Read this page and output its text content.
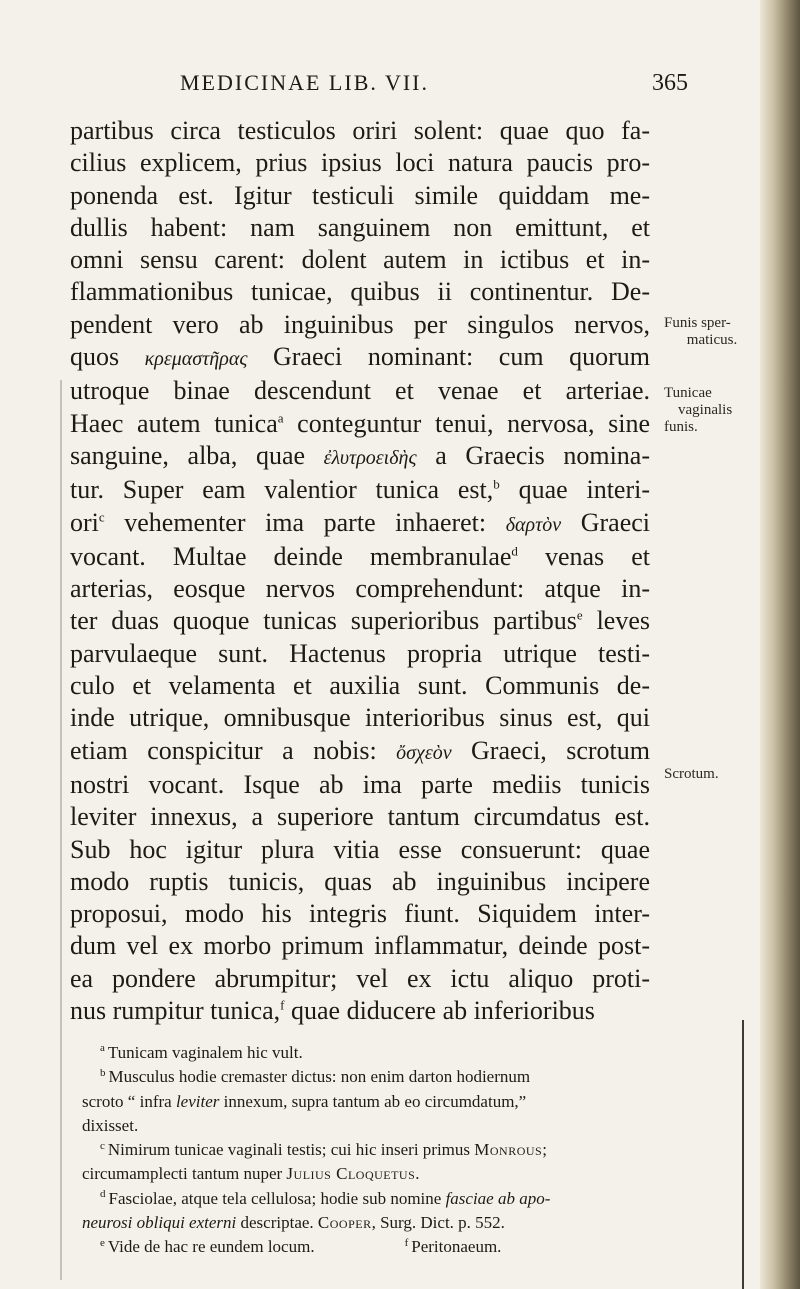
MEDICINAE LIB. VII.	365
partibus circa testiculos oriri solent: quae quo fa-
cilius explicem, prius ipsius loci natura paucis pro-
ponenda est. Igitur testiculi simile quiddam me-
dullis habent: nam sanguinem non emittunt, et
omni sensu carent: dolent autem in ictibus et in-
flammationibus tunicae, quibus ii continentur. De-
pendent vero ab inguinibus per singulos nervos,
quos κρεμαστῆρας Graeci nominant: cum quorum
utroque binae descendunt et venae et arteriae.
Haec autem tunica$^a$ conteguntur tenui, nervosa, sine
sanguine, alba, quae ἐλυτροειδὴς a Graecis nomina-
tur. Super eam valentior tunica est,$^b$ quae interi-
ori$^c$ vehementer ima parte inhaeret: δαρτὸν Graeci
vocant. Multae deinde membranulae$^d$ venas et
arterias, eosque nervos comprehendunt: atque in-
ter duas quoque tunicas superioribus partibus$^e$ leves
parvulaeque sunt. Hactenus propria utrique testi-
culo et velamenta et auxilia sunt. Communis de-
inde utrique, omnibusque interioribus sinus est, qui
etiam conspicitur a nobis: ὄσχεὸν Graeci, scrotum
nostri vocant. Isque ab ima parte mediis tunicis
leviter innexus, a superiore tantum circumdatus est.
Sub hoc igitur plura vitia esse consuerunt: quae
modo ruptis tunicis, quas ab inguinibus incipere
proposui, modo his integris fiunt. Siquidem inter-
dum vel ex morbo primum inflammatur, deinde post-
ea pondere abrumpitur; vel ex ictu aliquo proti-
nus rumpitur tunica,$^f$ quae diducere ab inferioribus
Funis sper-
maticus.
Tunicae
vaginalis
funis.
Scrotum.
$^a$ Tunicam vaginalem hic vult.
$^b$ Musculus hodie cremaster dictus: non enim darton hodiernum
scroto “ infra leviter innexum, supra tantum ab eo circumdatum,”
dixisset.
$^c$ Nimirum tunicae vaginali testis; cui hic inseri primus Monrous;
circumamplecti tantum nuper Julius Cloquetus.
$^d$ Fasciolae, atque tela cellulosa; hodie sub nomine fasciae ab apo-
neurosi obliqui externi descriptae. Cooper, Surg. Dict. p. 552.
$^e$ Vide de hac re eundem locum.	$^f$ Peritonaeum.
